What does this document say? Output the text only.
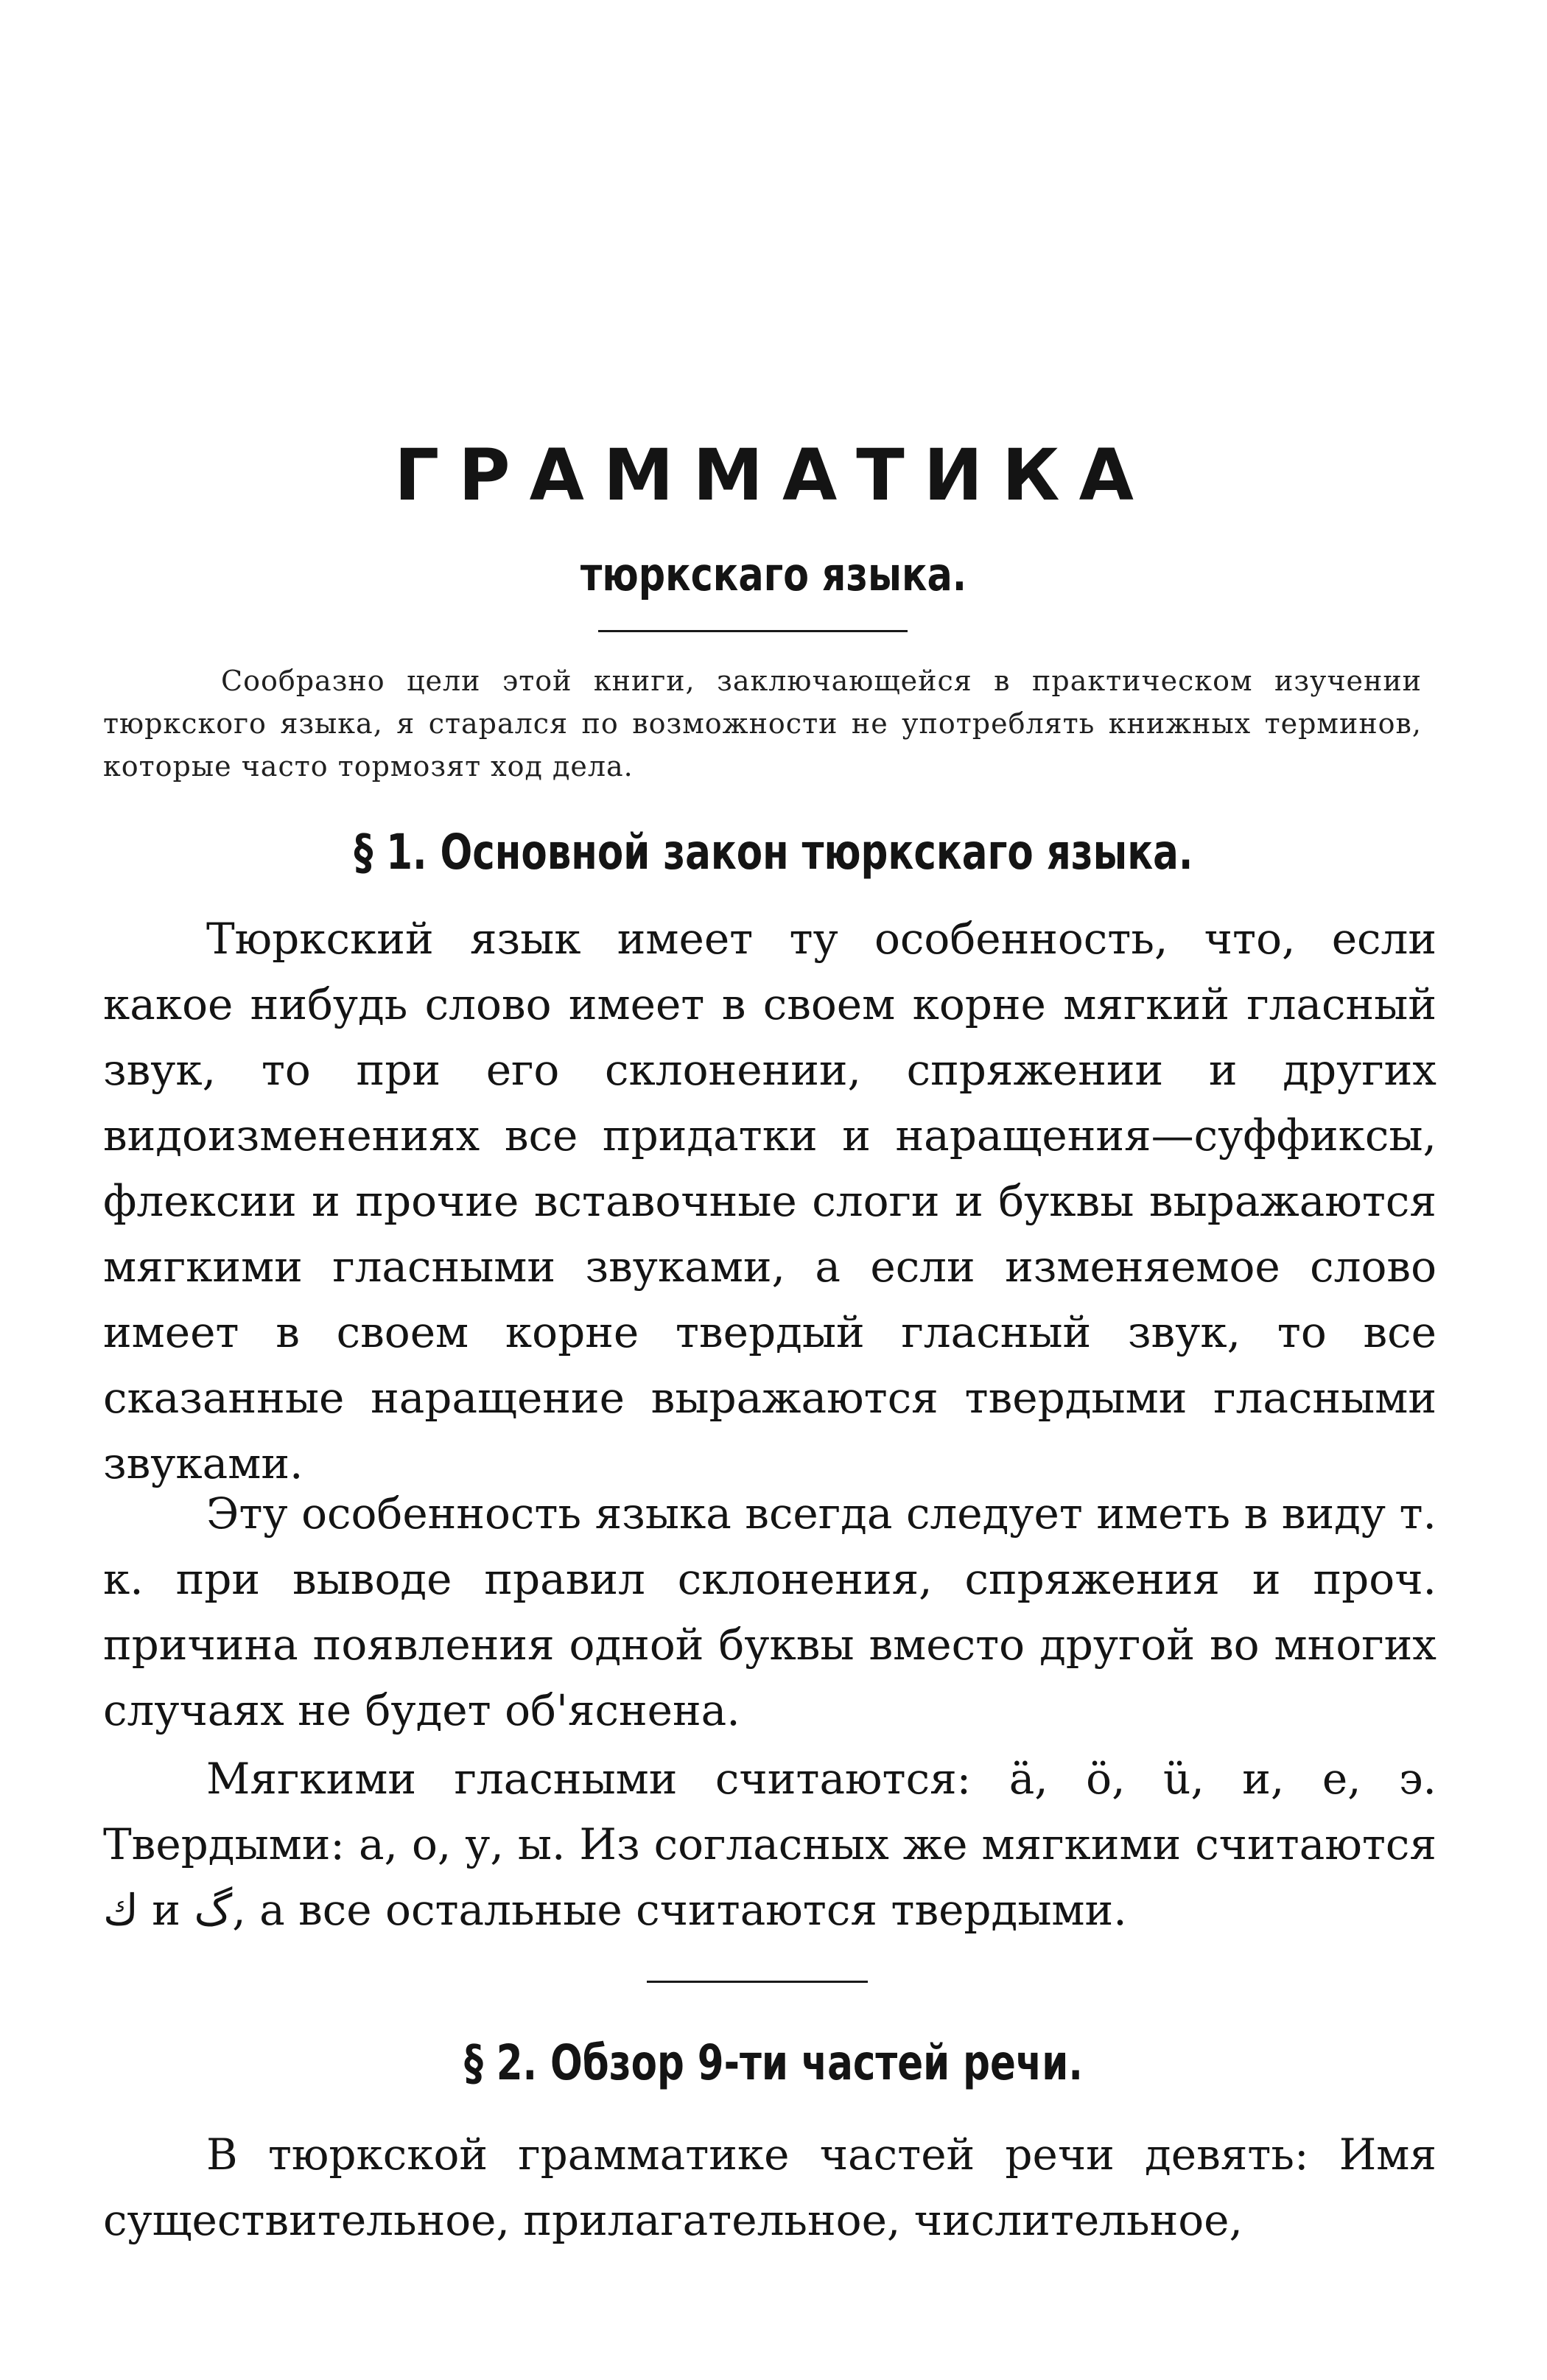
ГРАММАТИКА
тюркскаго языка.
Сообразно цели этой книги, заключающейся в практическом изучении тюркского языка, я старался по возможности не употреблять книжных терминов, которые часто тормозят ход дела.
§ 1. Основной закон тюркскаго языка.
Тюркский язык имеет ту особенность, что, если какое нибудь слово имеет в своем корне мягкий гласный звук, то при его склонении, спряжении и других видоизменениях все придатки и наращения—суффиксы, флексии и прочие вставочные слоги и буквы выражаются мягкими гласными звуками, а если изменяемое слово имеет в своем корне твердый гласный звук, то все сказанные наращение выражаются твердыми гласными звуками.
Эту особенность языка всегда следует иметь в виду т. к. при выводе правил склонения, спряжения и проч. причина появления одной буквы вместо другой во многих случаях не будет об'яснена.
Мягкими гласными считаются: ä, ö, ü, и, е, э. Твердыми: а, о, у, ы. Из согласных же мягкими считаются ك и ﮒ, а все остальные считаются твердыми.
§ 2. Обзор 9-ти частей речи.
В тюркской грамматике частей речи девять: Имя существительное, прилагательное, числительное,
